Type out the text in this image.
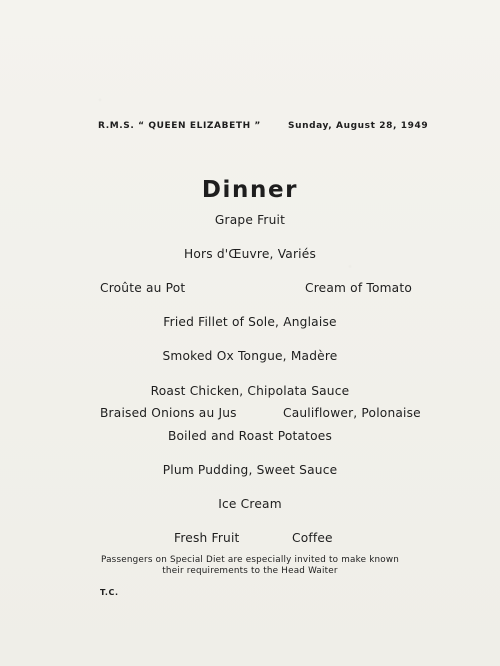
R.M.S. “ QUEEN ELIZABETH ”	Sunday, August 28, 1949
Dinner
Grape Fruit
Hors d'Œuvre, Variés
Croûte au Pot	Cream of Tomato
Fried Fillet of Sole, Anglaise
Smoked Ox Tongue, Madère
Roast Chicken, Chipolata Sauce
Braised Onions au Jus	Cauliflower, Polonaise
Boiled and Roast Potatoes
Plum Pudding, Sweet Sauce
Ice Cream
Fresh Fruit	Coffee
Passengers on Special Diet are especially invited to make known
their requirements to the Head Waiter
T.C.
